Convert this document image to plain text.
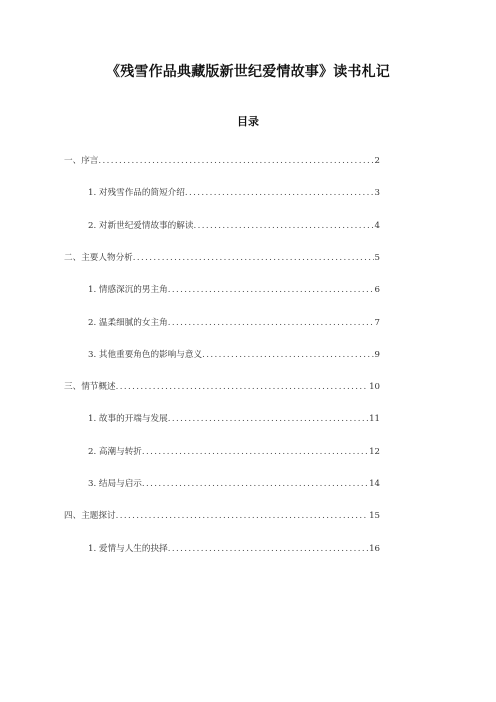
《残雪作品典藏版新世纪爱情故事》读书札记
目录
一、序言 .....	2
1. 对残雪作品的简短介绍 .....	3
2. 对新世纪爱情故事的解读 .....	4
二、主要人物分析 .....	5
1. 情感深沉的男主角 .....	6
2. 温柔细腻的女主角 .....	7
3. 其他重要角色的影响与意义 .....	9
三、情节概述 .....	10
1. 故事的开端与发展 .....	11
2. 高潮与转折 .....	12
3. 结局与启示 .....	14
四、主题探讨 .....	15
1. 爱情与人生的抉择 .....	16
